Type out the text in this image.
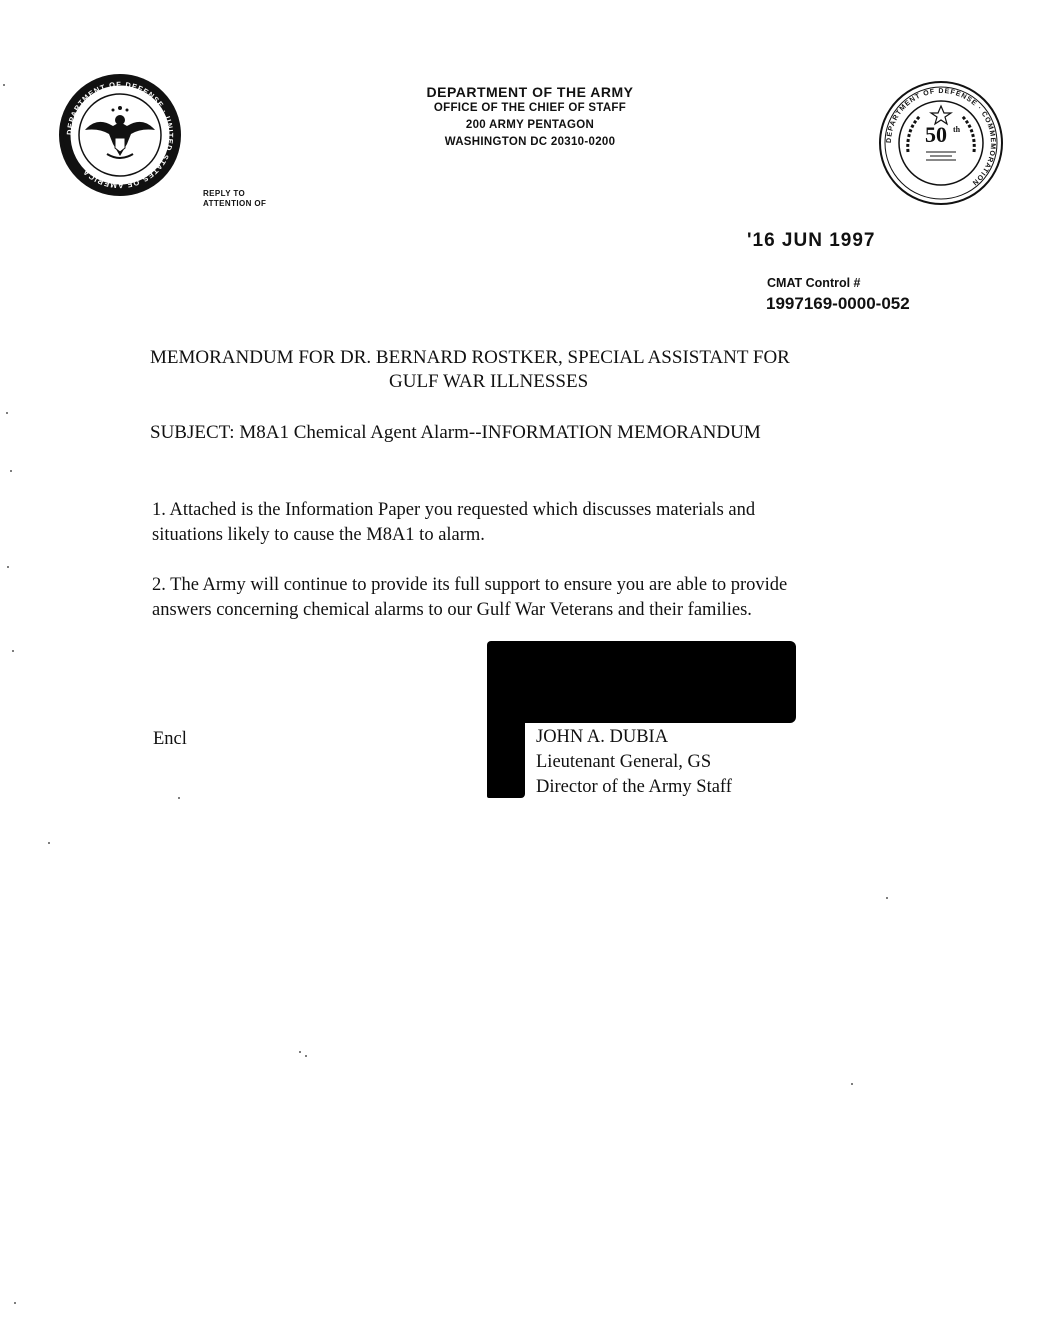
DEPARTMENT OF DEFENSE · UNITED STATES OF AMERICA
DEPARTMENT OF THE ARMY
OFFICE OF THE CHIEF OF STAFF
200 ARMY PENTAGON
WASHINGTON DC 20310-0200
REPLY TO
ATTENTION OF
DEPARTMENT OF DEFENSE · COMMEMORATION
50 th
'16 JUN 1997
CMAT Control #
1997169-0000-052
MEMORANDUM FOR DR. BERNARD ROSTKER, SPECIAL ASSISTANT FOR
GULF WAR ILLNESSES
SUBJECT: M8A1 Chemical Agent Alarm--INFORMATION MEMORANDUM
1. Attached is the Information Paper you requested which discusses materials and
situations likely to cause the M8A1 to alarm.
2. The Army will continue to provide its full support to ensure you are able to provide
answers concerning chemical alarms to our Gulf War Veterans and their families.
Encl	JOHN A. DUBIA
Lieutenant General, GS
Director of the Army Staff
